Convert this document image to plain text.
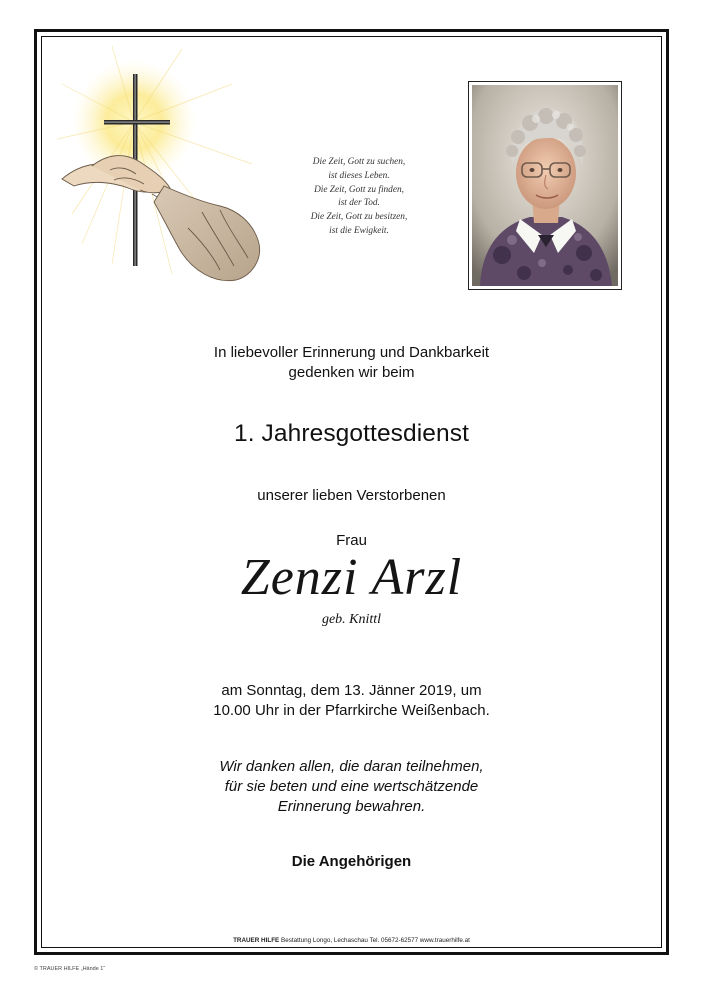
Die Zeit, Gott zu suchen,
ist dieses Leben.
Die Zeit, Gott zu finden,
ist der Tod.
Die Zeit, Gott zu besitzen,
ist die Ewigkeit.
In liebevoller Erinnerung und Dankbarkeit
gedenken wir beim
1. Jahresgottesdienst
unserer lieben Verstorbenen
Frau
Zenzi Arzl
geb. Knittl
am Sonntag, dem 13. Jänner 2019, um
10.00 Uhr in der Pfarrkirche Weißenbach.
Wir danken allen, die daran teilnehmen,
für sie beten und eine wertschätzende
Erinnerung bewahren.
Die Angehörigen
TRAUER HILFE Bestattung Longo, Lechaschau Tel. 05672-62577 www.trauerhilfe.at
© TRAUER HILFE „Hände 1“
